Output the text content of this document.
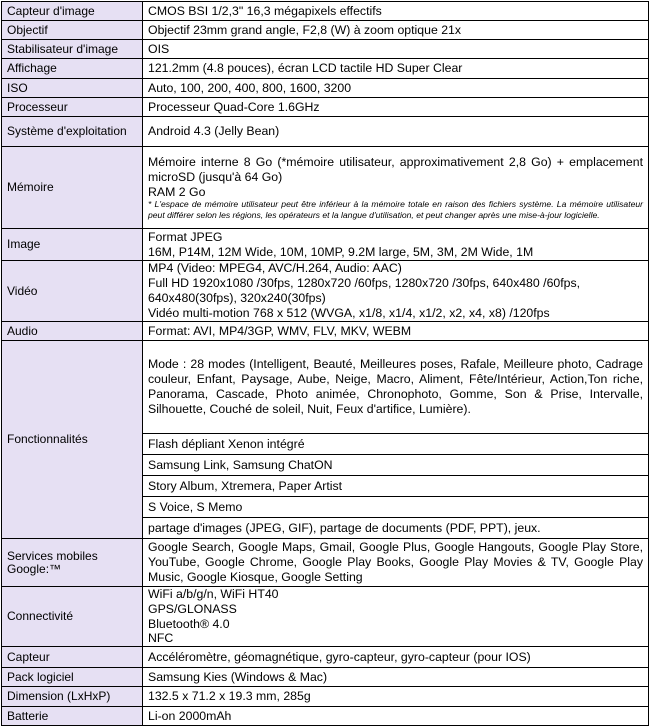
Capteur d'image	CMOS BSI 1/2,3" 16,3 mégapixels effectifs
Objectif	Objectif 23mm grand angle, F2,8 (W) à zoom optique 21x
Stabilisateur d'image	OIS
Affichage	121.2mm (4.8 pouces), écran LCD tactile HD Super Clear
ISO	Auto, 100, 200, 400, 800, 1600, 3200
Processeur	Processeur Quad-Core 1.6GHz
Système d'exploitation	Android 4.3 (Jelly Bean)
Mémoire	Mémoire interne 8 Go (*mémoire utilisateur, approximativement 2,8 Go) + emplacement microSD (jusqu'à 64 Go)
RAM 2 Go
* L'espace de mémoire utilisateur peut être inférieur à la mémoire totale en raison des fichiers système. La mémoire utilisateur peut différer selon les régions, les opérateurs et la langue d'utilisation, et peut changer après une mise-à-jour logicielle.

Image	Format JPEG
16M, P14M, 12M Wide, 10M, 10MP, 9.2M large, 5M, 3M, 2M Wide, 1M

Vidéo	MP4 (Video: MPEG4, AVC/H.264, Audio: AAC)
Full HD 1920x1080 /30fps, 1280x720 /60fps, 1280x720 /30fps, 640x480 /60fps, 640x480(30fps), 320x240(30fps)
Vidéo multi-motion 768 x 512 (WVGA, x1/8, x1/4, x1/2, x2, x4, x8) /120fps

Audio	Format: AVI, MP4/3GP, WMV, FLV, MKV, WEBM
Fonctionnalités	Mode : 28 modes (Intelligent, Beauté, Meilleures poses, Rafale, Meilleure photo, Cadrage couleur, Enfant, Paysage, Aube, Neige, Macro, Aliment, Fête/Intérieur, Action,Ton riche, Panorama, Cascade, Photo animée, Chronophoto, Gomme, Son & Prise, Intervalle, Silhouette, Couché de soleil, Nuit, Feux d'artifice, Lumière).
	Flash dépliant Xenon intégré
	Samsung Link, Samsung ChatON
	Story Album, Xtremera, Paper Artist
	S Voice, S Memo
	partage d'images (JPEG, GIF), partage de documents (PDF, PPT), jeux.
Services mobiles Google:™	Google Search, Google Maps, Gmail, Google Plus, Google Hangouts, Google Play Store, YouTube, Google Chrome, Google Play Books, Google Play Movies & TV, Google Play Music, Google Kiosque, Google Setting
Connectivité	WiFi a/b/g/n, WiFi HT40
GPS/GLONASS
Bluetooth® 4.0
NFC

Capteur	Accéléromètre, géomagnétique, gyro-capteur, gyro-capteur (pour IOS)
Pack logiciel	Samsung Kies (Windows & Mac)
Dimension (LxHxP)	132.5 x 71.2 x 19.3 mm, 285g
Batterie	Li-on 2000mAh
